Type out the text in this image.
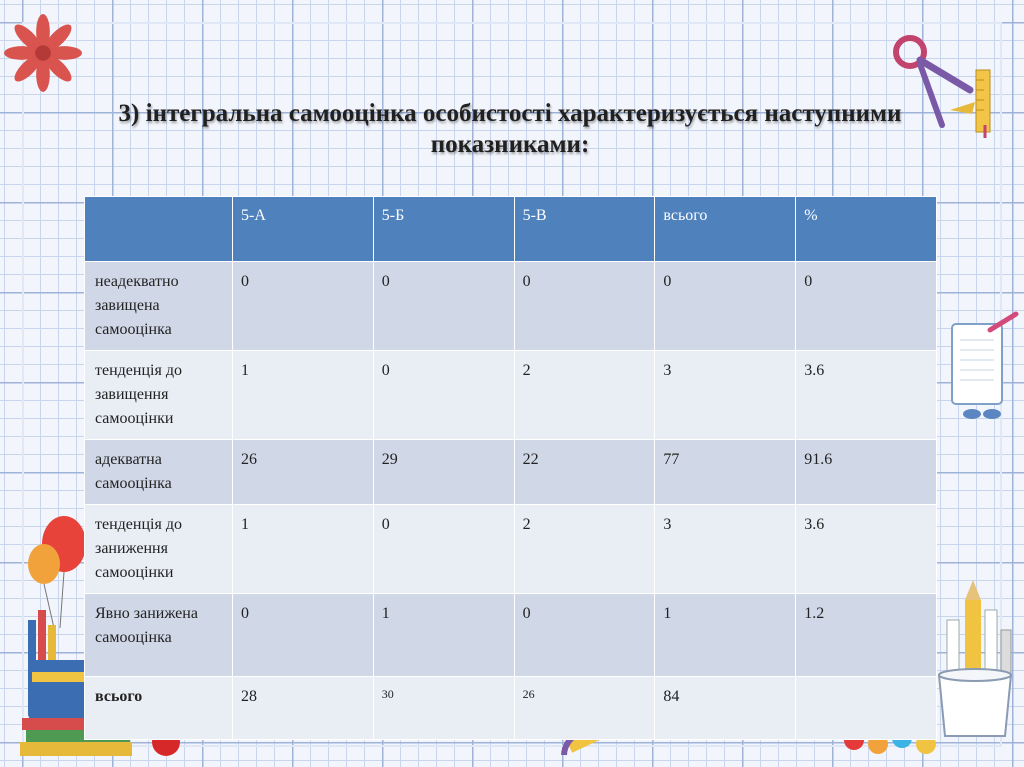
3) інтегральна самооцінка особистості характеризується наступними
показниками:
	5-А	5-Б	5-В	всього	%
неадекватно завищена самооцінка	0	0	0	0	0
тенденція до завищення самооцінки	1	0	2	3	3.6
адекватна самооцінка	26	29	22	77	91.6
тенденція до заниження самооцінки	1	0	2	3	3.6
Явно занижена самооцінка	0	1	0	1	1.2
всього	28	30	26	84	
